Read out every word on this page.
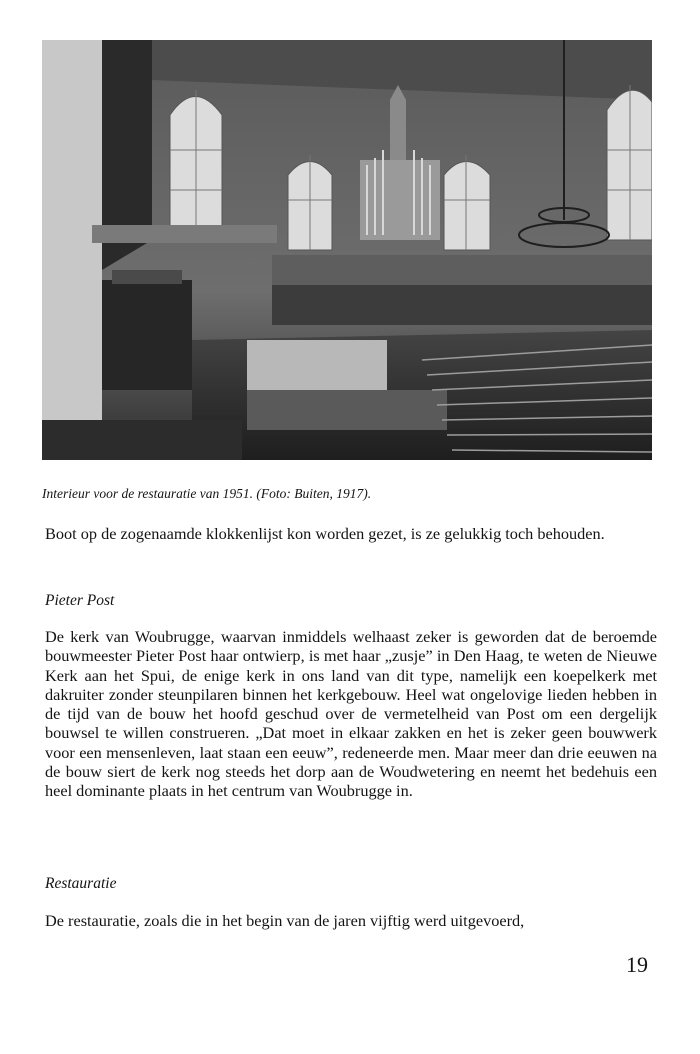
Interieur voor de restauratie van 1951. (Foto: Buiten, 1917).

Boot op de zogenaamde klokkenlijst kon worden gezet, is ze gelukkig toch behouden.

Pieter Post

De kerk van Woubrugge, waarvan inmiddels welhaast zeker is geworden dat de beroemde bouwmeester Pieter Post haar ontwierp, is met haar „zusje” in Den Haag, te weten de Nieuwe Kerk aan het Spui, de enige kerk in ons land van dit type, namelijk een koepelkerk met dakruiter zonder steunpilaren binnen het kerkgebouw. Heel wat ongelovige lieden hebben in de tijd van de bouw het hoofd geschud over de vermetelheid van Post om een dergelijk bouwsel te willen construeren. „Dat moet in elkaar zakken en het is zeker geen bouwwerk voor een mensenleven, laat staan een eeuw”, redeneerde men. Maar meer dan drie eeuwen na de bouw siert de kerk nog steeds het dorp aan de Woudwetering en neemt het bedehuis een heel dominante plaats in het centrum van Woubrugge in.

Restauratie

De restauratie, zoals die in het begin van de jaren vijftig werd uitgevoerd,

19
